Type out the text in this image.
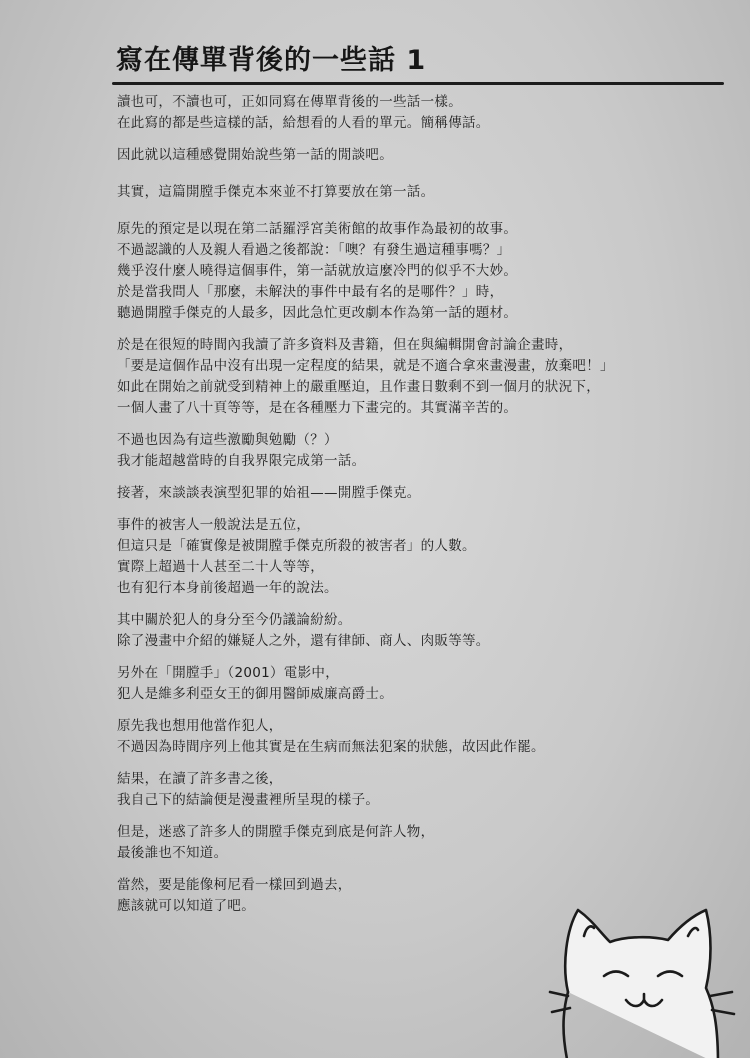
寫在傳單背後的一些話 1
讀也可，不讀也可，正如同寫在傳單背後的一些話一樣。
在此寫的都是些這樣的話，給想看的人看的單元。簡稱傳話。
因此就以這種感覺開始說些第一話的閒談吧。
其實，這篇開膛手傑克本來並不打算要放在第一話。
原先的預定是以現在第二話羅浮宮美術館的故事作為最初的故事。
不過認識的人及親人看過之後都說：「噢？有發生過這種事嗎？」
幾乎沒什麼人曉得這個事件，第一話就放這麼冷門的似乎不大妙。
於是當我問人「那麼，未解決的事件中最有名的是哪件？」時，
聽過開膛手傑克的人最多，因此急忙更改劇本作為第一話的題材。
於是在很短的時間內我讀了許多資料及書籍，但在與編輯開會討論企畫時，
「要是這個作品中沒有出現一定程度的結果，就是不適合拿來畫漫畫，放棄吧！」
如此在開始之前就受到精神上的嚴重壓迫，且作畫日數剩不到一個月的狀況下，
一個人畫了八十頁等等，是在各種壓力下畫完的。其實滿辛苦的。
不過也因為有這些激勵與勉勵（？）
我才能超越當時的自我界限完成第一話。
接著，來談談表演型犯罪的始祖——開膛手傑克。
事件的被害人一般說法是五位，
但這只是「確實像是被開膛手傑克所殺的被害者」的人數。
實際上超過十人甚至二十人等等，
也有犯行本身前後超過一年的說法。
其中關於犯人的身分至今仍議論紛紛。
除了漫畫中介紹的嫌疑人之外，還有律師、商人、肉販等等。
另外在「開膛手」（2001）電影中，
犯人是維多利亞女王的御用醫師威廉高爵士。
原先我也想用他當作犯人，
不過因為時間序列上他其實是在生病而無法犯案的狀態，故因此作罷。
結果，在讀了許多書之後，
我自己下的結論便是漫畫裡所呈現的樣子。
但是，迷惑了許多人的開膛手傑克到底是何許人物，
最後誰也不知道。
當然，要是能像柯尼看一樣回到過去，
應該就可以知道了吧。
